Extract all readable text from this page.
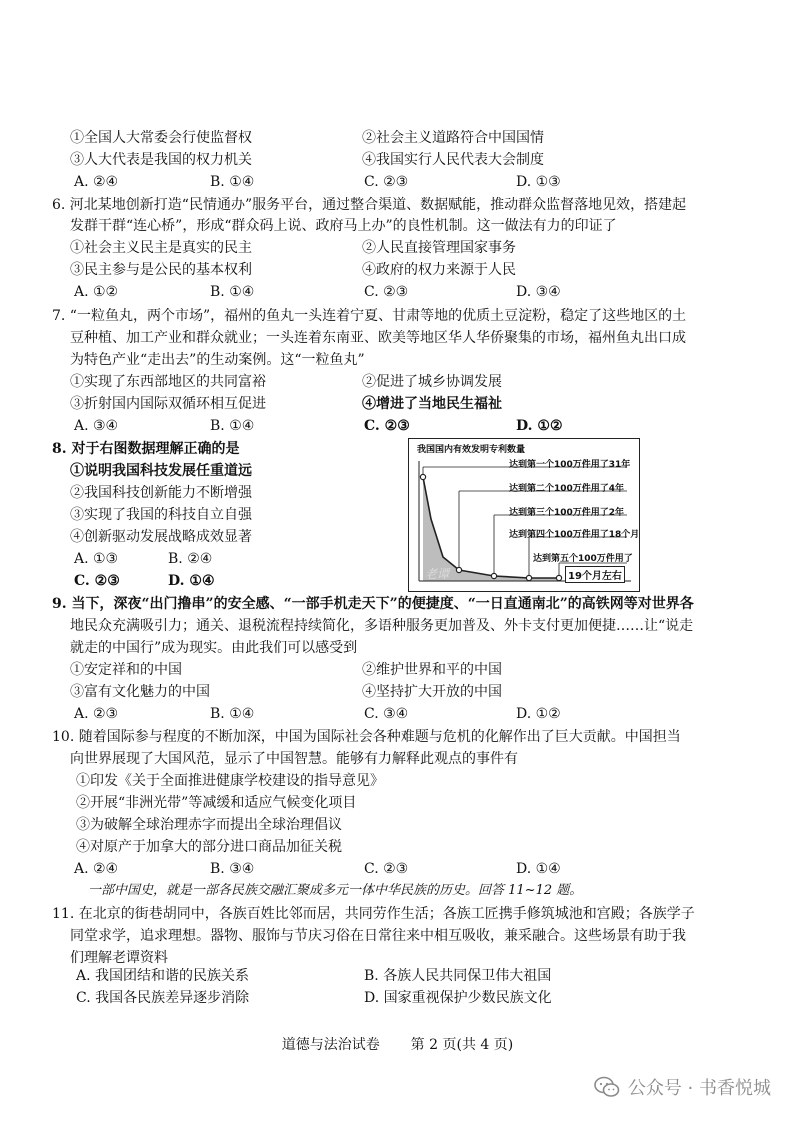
①全国人大常委会行使监督权	②社会主义道路符合中国国情
③人大代表是我国的权力机关	④我国实行人民代表大会制度
A. ②④	B. ①④	C. ②③	D. ①③
6. 河北某地创新打造“民情通办”服务平台，通过整合渠道、数据赋能，推动群众监督落地见效，搭建起
发群干群“连心桥”，形成“群众码上说、政府马上办”的良性机制。这一做法有力的印证了
①社会主义民主是真实的民主	②人民直接管理国家事务
③民主参与是公民的基本权利	④政府的权力来源于人民
A. ①②	B. ①④	C. ②③	D. ③④
7. “一粒鱼丸，两个市场”，福州的鱼丸一头连着宁夏、甘肃等地的优质土豆淀粉，稳定了这些地区的土
豆种植、加工产业和群众就业；一头连着东南亚、欧美等地区华人华侨聚集的市场，福州鱼丸出口成
为特色产业“走出去”的生动案例。这“一粒鱼丸”
①实现了东西部地区的共同富裕	②促进了城乡协调发展
③折射国内国际双循环相互促进	④增进了当地民生福祉
A. ③④	B. ①④	C. ②③	D. ①②
8. 对于右图数据理解正确的是
①说明我国科技发展任重道远
②我国科技创新能力不断增强
③实现了我国的科技自立自强
④创新驱动发展战略成效显著
A. ①③	B. ②④
C. ②③	D. ①④
我国国内有效发明专利数量
达到第一个100万件用了31年
达到第二个100万件用了4年
达到第三个100万件用了2年
达到第四个100万件用了18个月
达到第五个100万件用了
19个月左右
老谭
9. 当下，深夜“出门撸串”的安全感、“一部手机走天下”的便捷度、“一日直通南北”的高铁网等对世界各
地民众充满吸引力；通关、退税流程持续简化，多语种服务更加普及、外卡支付更加便捷……让“说走
就走的中国行”成为现实。由此我们可以感受到
①安定祥和的中国	②维护世界和平的中国
③富有文化魅力的中国	④坚持扩大开放的中国
A. ②③	B. ①④	C. ③④	D. ①②
10. 随着国际参与程度的不断加深，中国为国际社会各种难题与危机的化解作出了巨大贡献。中国担当
向世界展现了大国风范，显示了中国智慧。能够有力解释此观点的事件有
①印发《关于全面推进健康学校建设的指导意见》
②开展“非洲光带”等减缓和适应气候变化项目
③为破解全球治理赤字而提出全球治理倡议
④对原产于加拿大的部分进口商品加征关税
A. ②④	B. ③④	C. ②③	D. ①④
一部中国史，就是一部各民族交融汇聚成多元一体中华民族的历史。回答 11~12 题。
11. 在北京的街巷胡同中，各族百姓比邻而居，共同劳作生活；各族工匠携手修筑城池和宫殿；各族学子
同堂求学，追求理想。器物、服饰与节庆习俗在日常往来中相互吸收，兼采融合。这些场景有助于我
们理解老谭资料
A. 我国团结和谐的民族关系	B. 各族人民共同保卫伟大祖国
C. 我国各民族差异逐步消除	D. 国家重视保护少数民族文化
道德与法治试卷 第 2 页(共 4 页)
公众号 · 书香悦城
